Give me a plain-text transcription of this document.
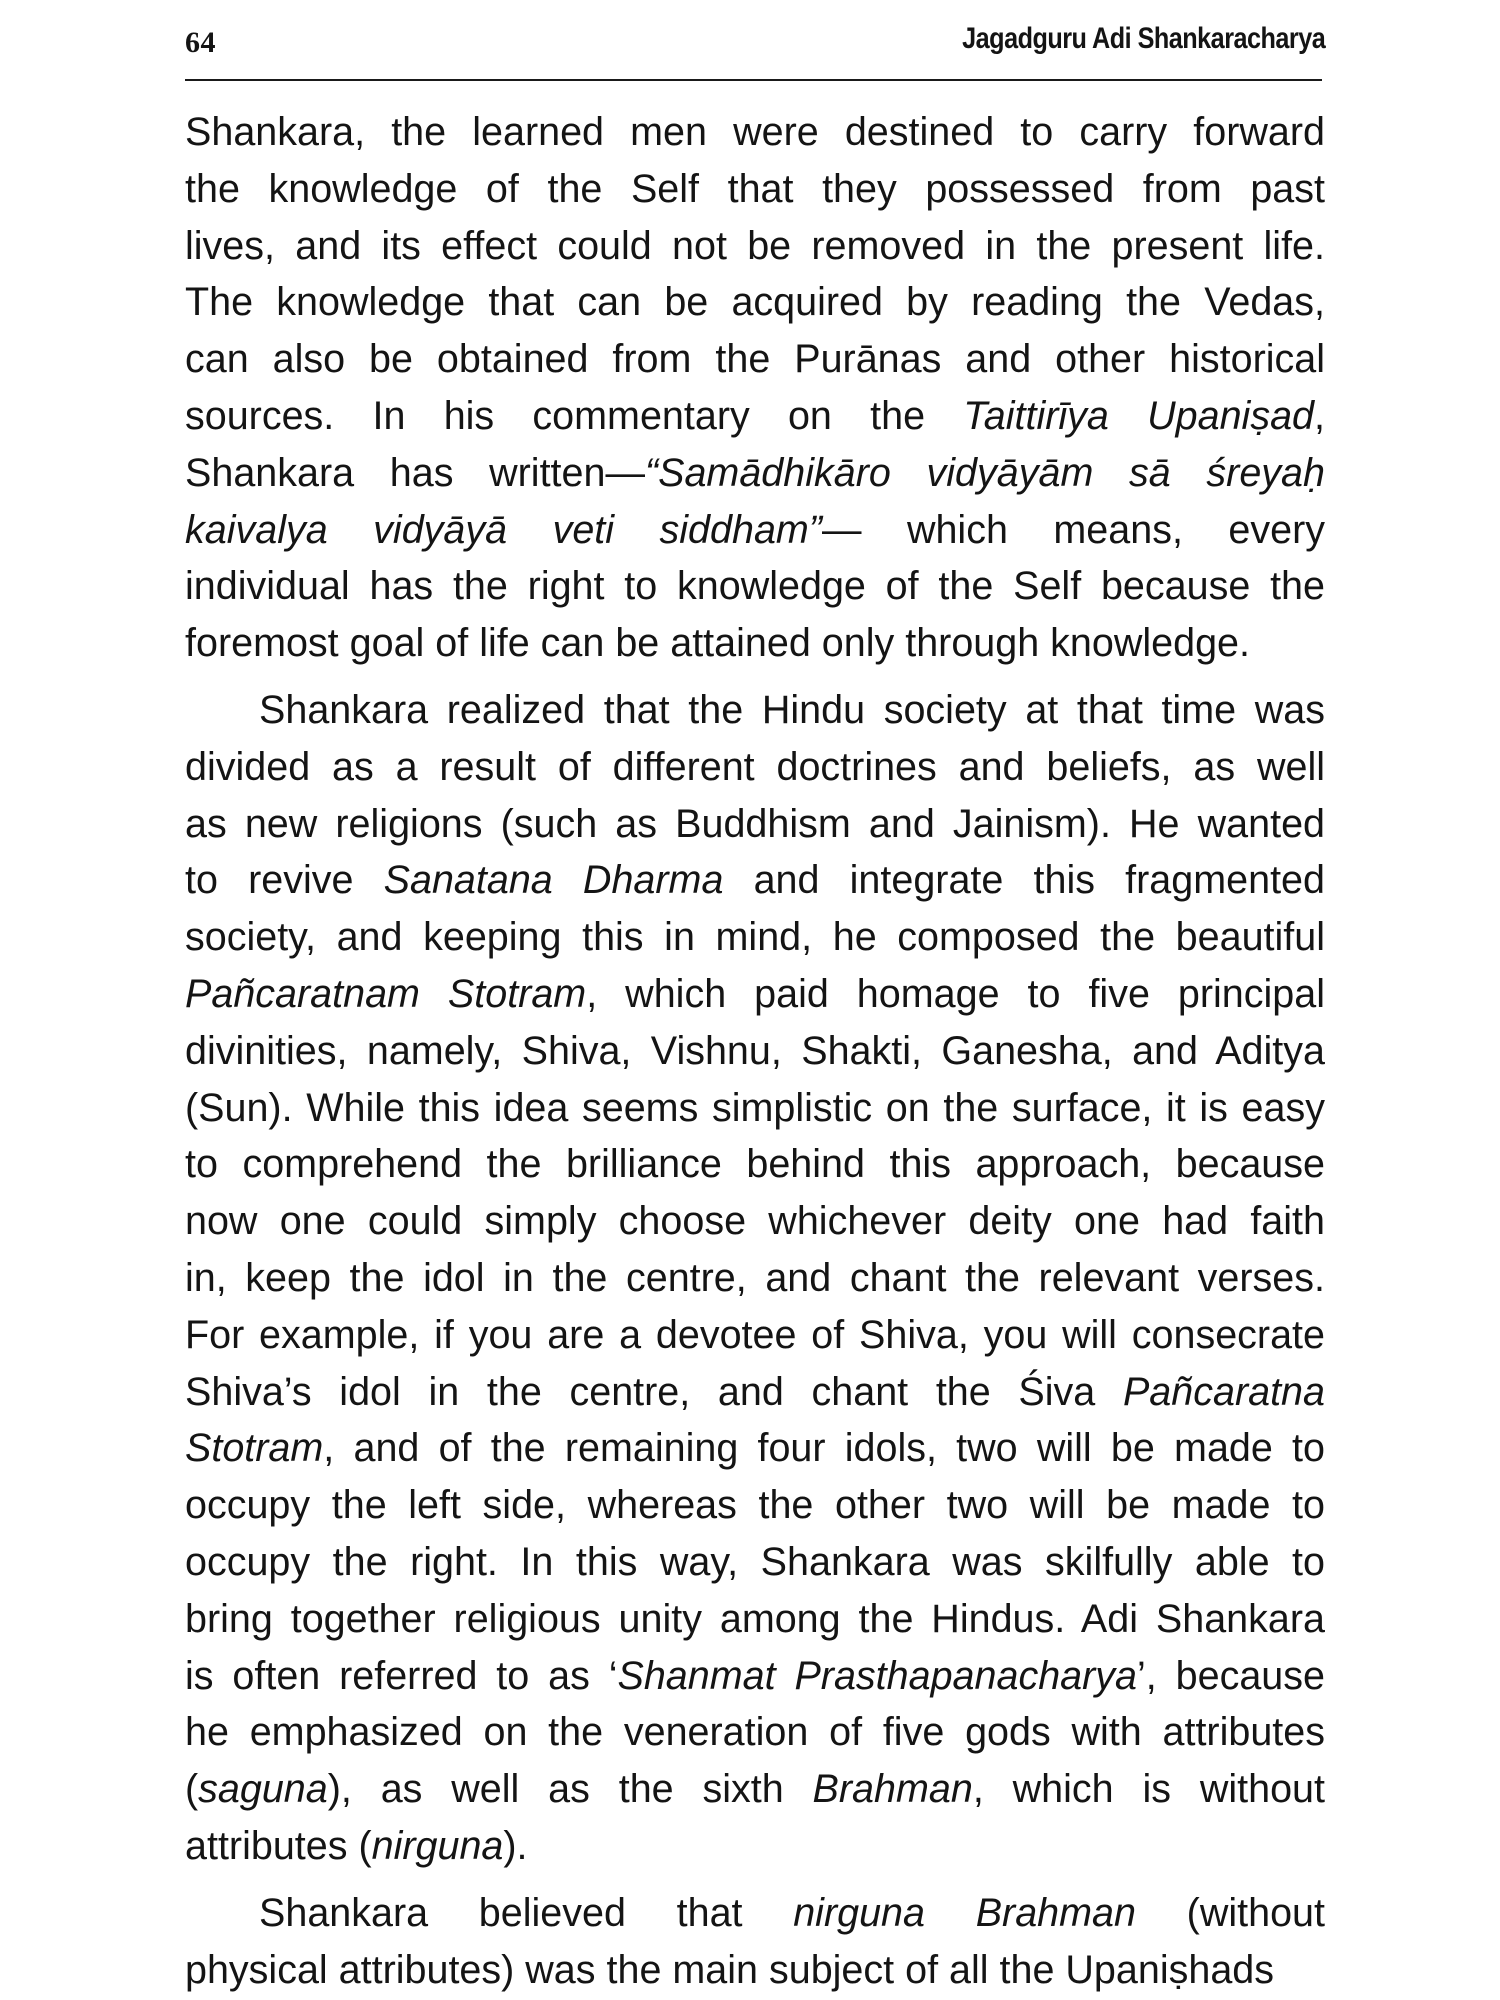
64	Jagadguru Adi Shankaracharya
Shankara, the learned men were destined to carry forward
the knowledge of the Self that they possessed from past
lives, and its effect could not be removed in the present life.
The knowledge that can be acquired by reading the Vedas,
can also be obtained from the Purānas and other historical
sources. In his commentary on the Taittirīya Upaniṣad,
Shankara has written—“Samādhikāro vidyāyām sā śreyaḥ
kaivalya vidyāyā veti siddham”— which means, every
individual has the right to knowledge of the Self because the
foremost goal of life can be attained only through knowledge.
Shankara realized that the Hindu society at that time was
divided as a result of different doctrines and beliefs, as well
as new religions (such as Buddhism and Jainism). He wanted
to revive Sanatana Dharma and integrate this fragmented
society, and keeping this in mind, he composed the beautiful
Pañcaratnam Stotram, which paid homage to five principal
divinities, namely, Shiva, Vishnu, Shakti, Ganesha, and Aditya
(Sun). While this idea seems simplistic on the surface, it is easy
to comprehend the brilliance behind this approach, because
now one could simply choose whichever deity one had faith
in, keep the idol in the centre, and chant the relevant verses.
For example, if you are a devotee of Shiva, you will consecrate
Shiva’s idol in the centre, and chant the Śiva Pañcaratna
Stotram, and of the remaining four idols, two will be made to
occupy the left side, whereas the other two will be made to
occupy the right. In this way, Shankara was skilfully able to
bring together religious unity among the Hindus. Adi Shankara
is often referred to as ‘Shanmat Prasthapanacharya’, because
he emphasized on the veneration of five gods with attributes
(saguna), as well as the sixth Brahman, which is without
attributes (nirguna).
Shankara believed that nirguna Brahman (without
physical attributes) was the main subject of all the Upaniṣhads
